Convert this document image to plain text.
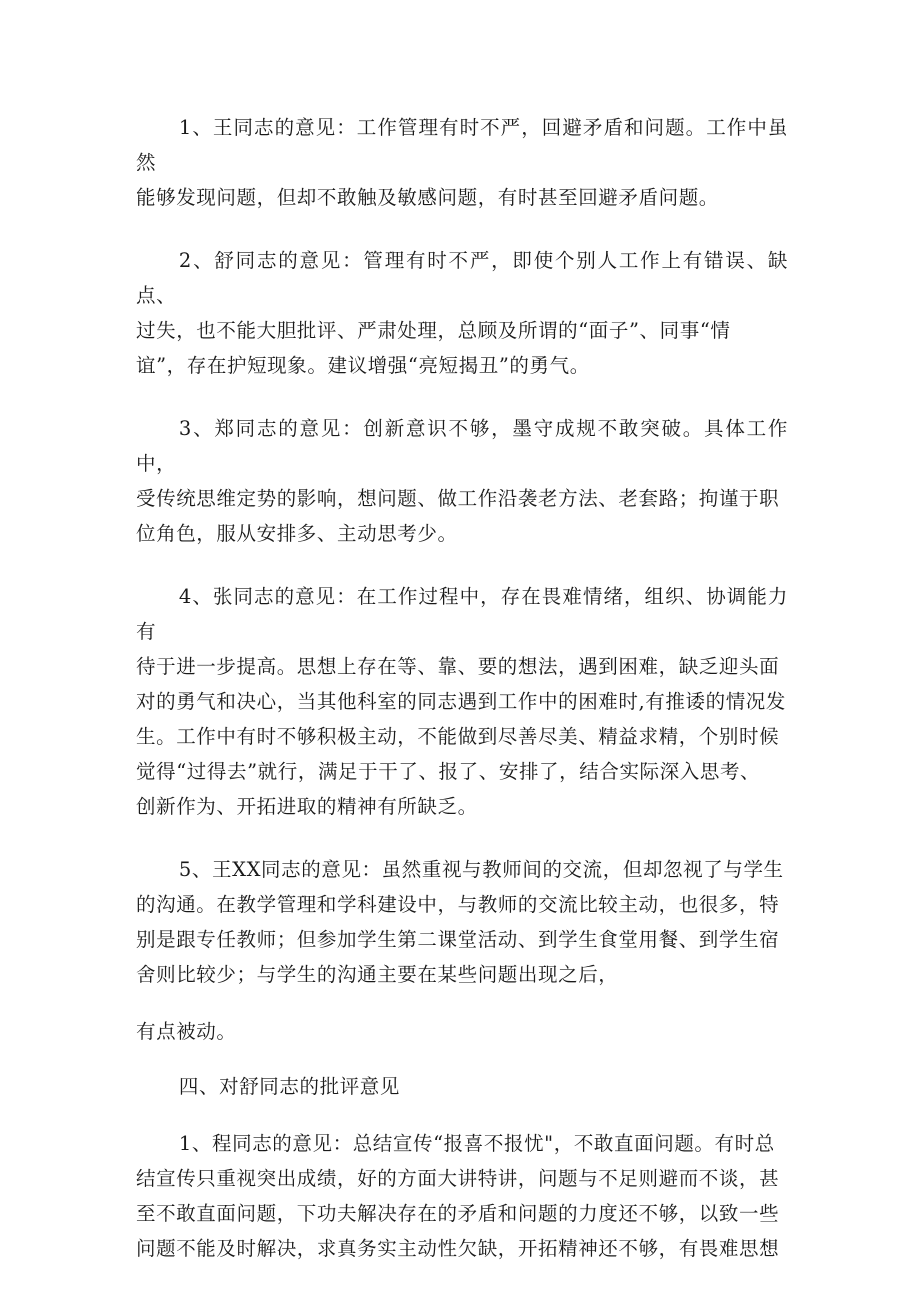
1、王同志的意见：工作管理有时不严，回避矛盾和问题。工作中虽然
能够发现问题，但却不敢触及敏感问题，有时甚至回避矛盾问题。

2、舒同志的意见：管理有时不严，即使个别人工作上有错误、缺点、
过失，也不能大胆批评、严肃处理，总顾及所谓的“面子”、同事“情
谊”，存在护短现象。建议增强“亮短揭丑”的勇气。

3、郑同志的意见：创新意识不够，墨守成规不敢突破。具体工作中，
受传统思维定势的影响，想问题、做工作沿袭老方法、老套路；拘谨于职
位角色，服从安排多、主动思考少。

4、张同志的意见：在工作过程中，存在畏难情绪，组织、协调能力有
待于进一步提高。思想上存在等、靠、要的想法，遇到困难，缺乏迎头面
对的勇气和决心，当其他科室的同志遇到工作中的困难时,有推诿的情况发
生。工作中有时不够积极主动，不能做到尽善尽美、精益求精，个别时候
觉得“过得去”就行，满足于干了、报了、安排了，结合实际深入思考、
创新作为、开拓进取的精神有所缺乏。

5、王XX同志的意见：虽然重视与教师间的交流，但却忽视了与学生
的沟通。在教学管理和学科建设中，与教师的交流比较主动，也很多，特
别是跟专任教师；但参加学生第二课堂活动、到学生食堂用餐、到学生宿
舍则比较少；与学生的沟通主要在某些问题出现之后，

有点被动。

四、对舒同志的批评意见

1、程同志的意见：总结宣传“报喜不报忧"，不敢直面问题。有时总
结宣传只重视突出成绩，好的方面大讲特讲，问题与不足则避而不谈，甚
至不敢直面问题，下功夫解决存在的矛盾和问题的力度还不够，以致一些
问题不能及时解决，求真务实主动性欠缺，开拓精神还不够，有畏难思想
